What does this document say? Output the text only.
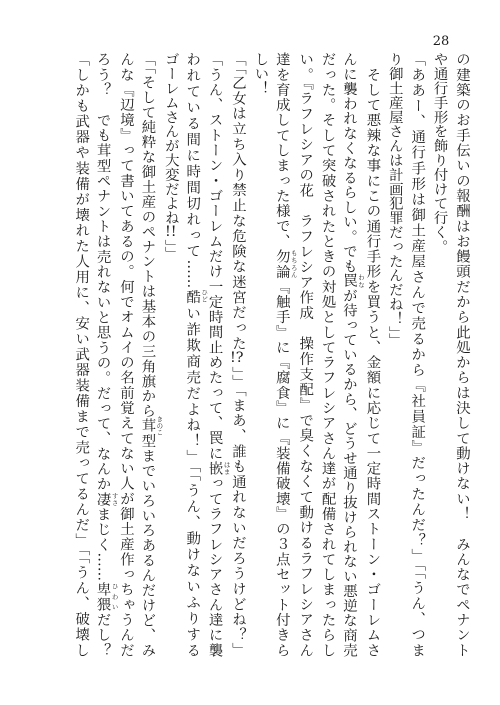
28
の建築のお手伝いの報酬はお饅頭だから此処からは決して動けない！　みんなでペナント
や通行手形を飾り付けて行く。
「ああー、通行手形は御土産屋さんで売るから『社員証』だったんだ？」「「うん、つま
り御土産屋さんは計画犯罪だったんだね！」」
　そして悪辣な事にこの通行手形を買うと、金額に応じて一定時間ストーン・ゴーレムさ
んに襲われなくなるらしい。でも罠 わなが待っているから、どうせ通り抜けられない悪逆な商売
だった。そして突破されたときの対処としてラフレシアさん達が配備されてしまったらし
い。『ラフレシアの花　ラフレシア作成　操作支配』で臭くなくて動けるラフレシアさん
達を育成してしまった様で、勿論 もちろん『触手』に『腐食』に『装備破壊』の３点セット付きら
しい！
「「乙女は立ち入り禁止な危険な迷宮だった!?」」「まあ、誰も通れないだろうけどね？」
「うん、ストーン・ゴーレムだけ一定時間止めたって、罠に嵌 はまってラフレシアさん達に襲
われている間に時間切れって……酷 ひどい詐欺商売だよね！」「「うん、動けないふりする
ゴーレムさんが大変だよね!!」」
「「そして純粋な御土産のペナントは基本の三角旗から茸 きのこ型までいろいろあるんだけど、み
んな『辺境』って書いてあるの。何でオムイの名前覚えてない人が御土産作っちゃうんだ
ろう？　でも茸型ペナントは売れないと思うの。だって、なんか凄 すさまじく……卑猥 ひわいだし？
「しかも武器や装備が壊れた人用に、安い武器装備まで売ってるんだ」「「うん、破壊し
